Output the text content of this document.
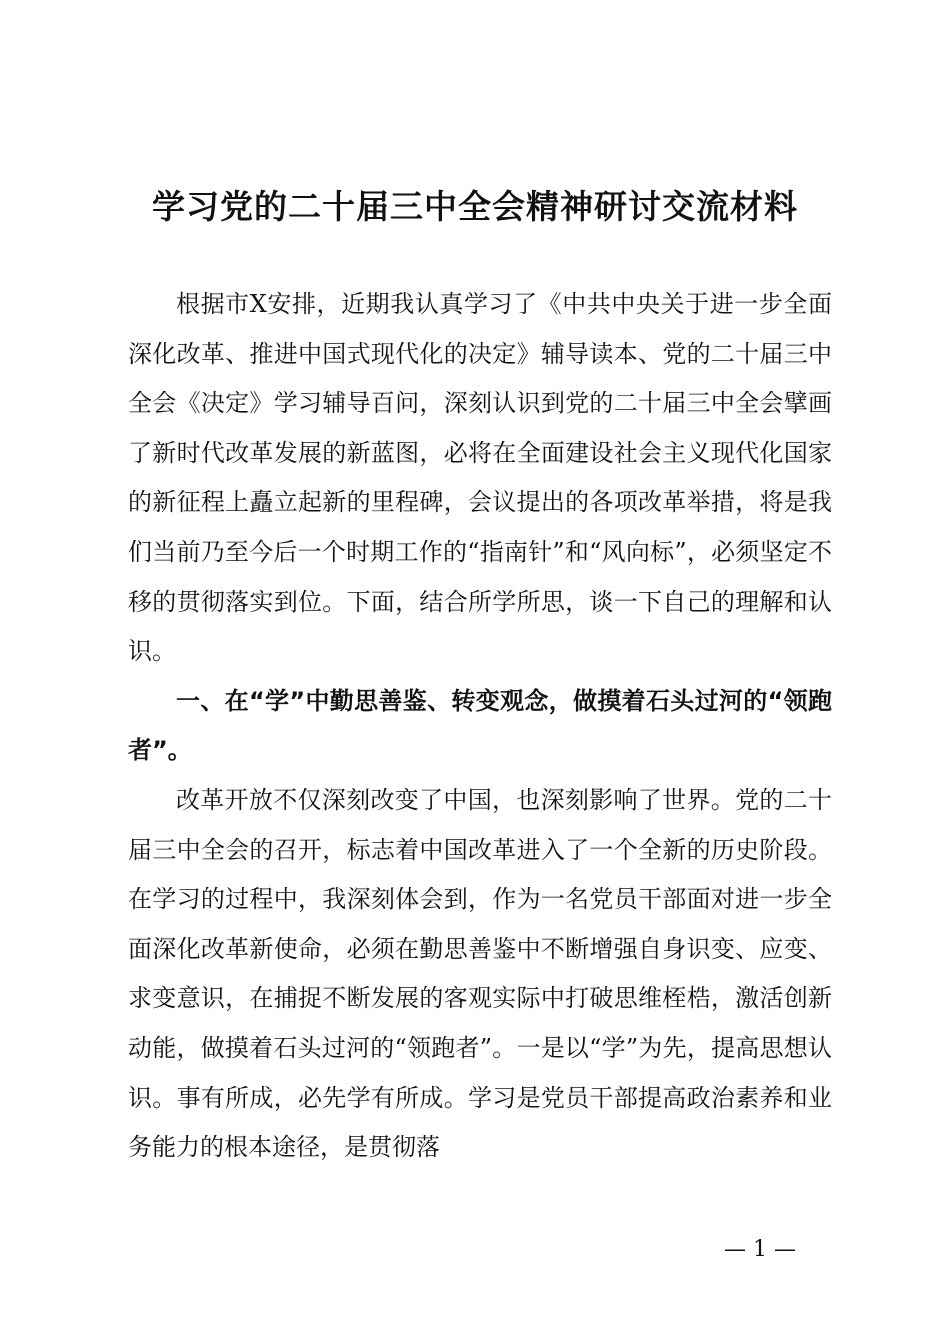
学习党的二十届三中全会精神研讨交流材料

根据市X安排，近期我认真学习了《中共中央关于进一步全面深化改革、推进中国式现代化的决定》辅导读本、党的二十届三中全会《决定》学习辅导百问，深刻认识到党的二十届三中全会擘画了新时代改革发展的新蓝图，必将在全面建设社会主义现代化国家的新征程上矗立起新的里程碑，会议提出的各项改革举措，将是我们当前乃至今后一个时期工作的“指南针”和“风向标”，必须坚定不移的贯彻落实到位。下面，结合所学所思，谈一下自己的理解和认识。

一、在“学”中勤思善鉴、转变观念，做摸着石头过河的“领跑者”。

改革开放不仅深刻改变了中国，也深刻影响了世界。党的二十届三中全会的召开，标志着中国改革进入了一个全新的历史阶段。在学习的过程中，我深刻体会到，作为一名党员干部面对进一步全面深化改革新使命，必须在勤思善鉴中不断增强自身识变、应变、求变意识，在捕捉不断发展的客观实际中打破思维桎梏，激活创新动能，做摸着石头过河的“领跑者”。一是以“学”为先，提高思想认识。事有所成，必先学有所成。学习是党员干部提高政治素养和业务能力的根本途径，是贯彻落

— 1 —
